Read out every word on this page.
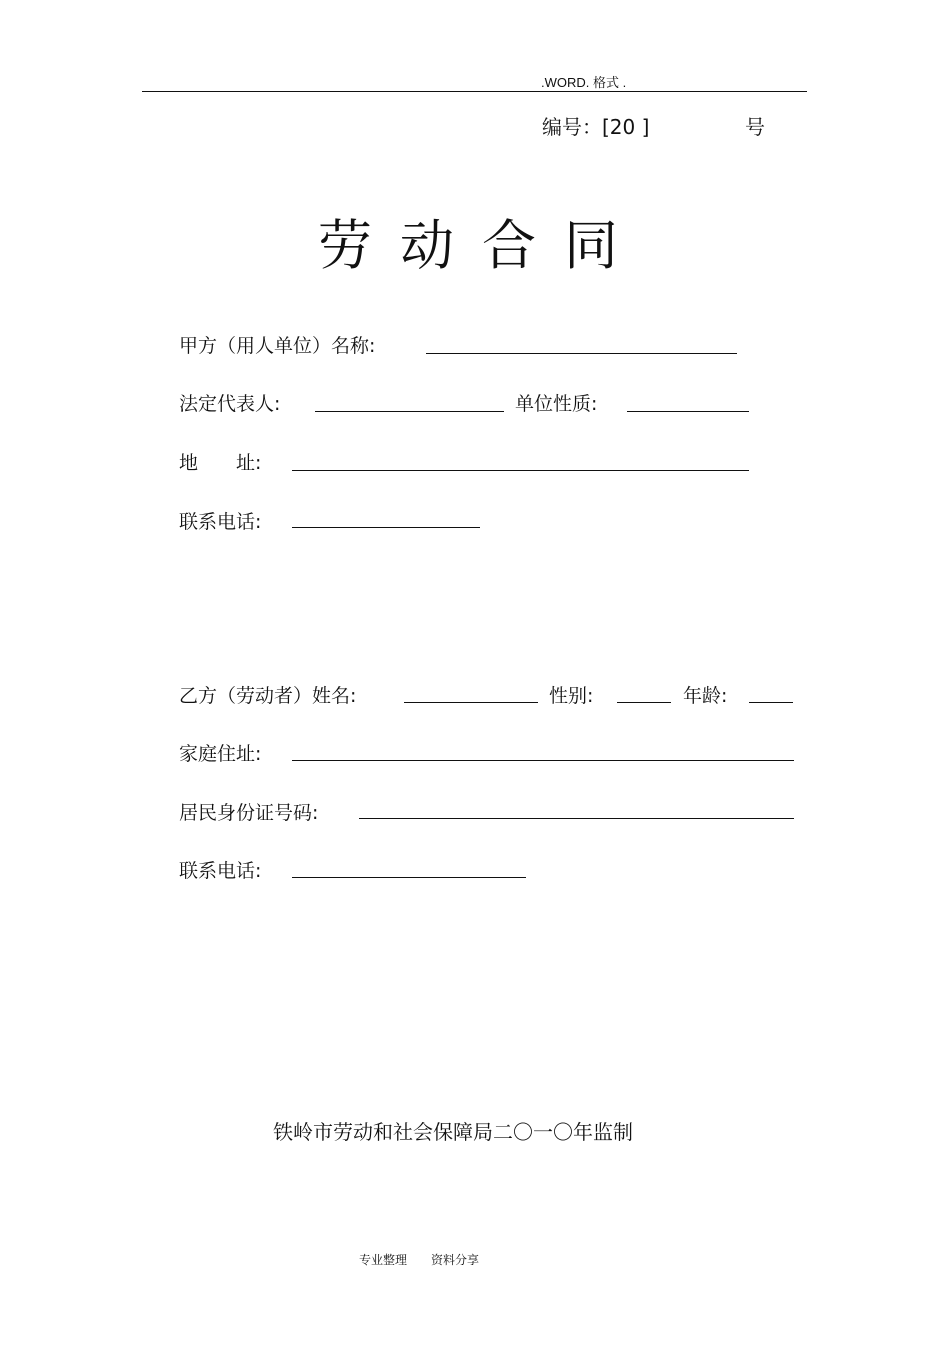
.WORD. 格式 .
编号：[20 ]	号
劳动合同
甲方（用人单位）名称:
法定代表人:	单位性质:
地　　址:
联系电话:
乙方（劳动者）姓名:	性别:	年龄:
家庭住址:
居民身份证号码:
联系电话:
铁岭市劳动和社会保障局二〇一〇年监制
专业整理 资料分享
